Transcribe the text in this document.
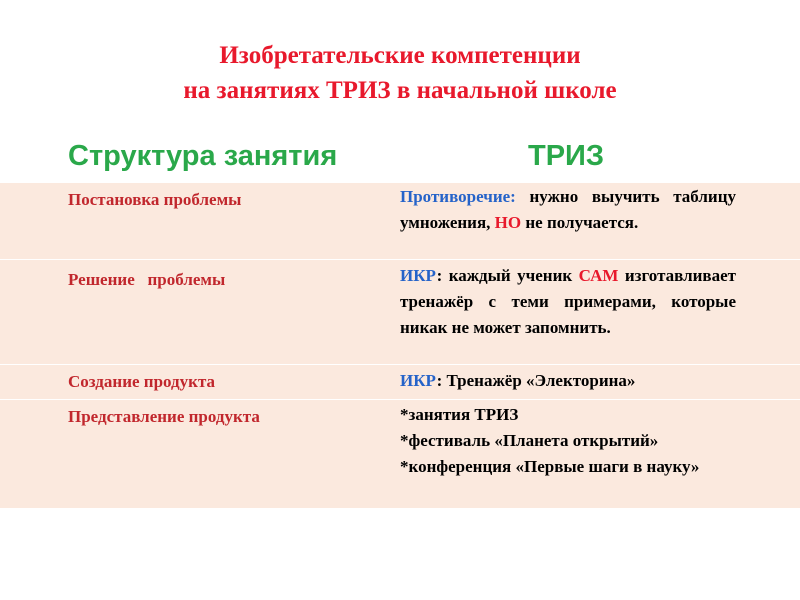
Изобретательские компетенции
на занятиях ТРИЗ в начальной школе
Структура занятия	ТРИЗ
Постановка проблемы	Противоречие: нужно выучить таблицу умножения, НО не получается.
Решение   проблемы	ИКР: каждый ученик САМ изготавливает тренажёр с теми примерами, которые никак не может запомнить.
Создание продукта	ИКР: Тренажёр «Электорина»
Представление продукта	*занятия ТРИЗ
*фестиваль «Планета открытий»
*конференция «Первые шаги в науку»
